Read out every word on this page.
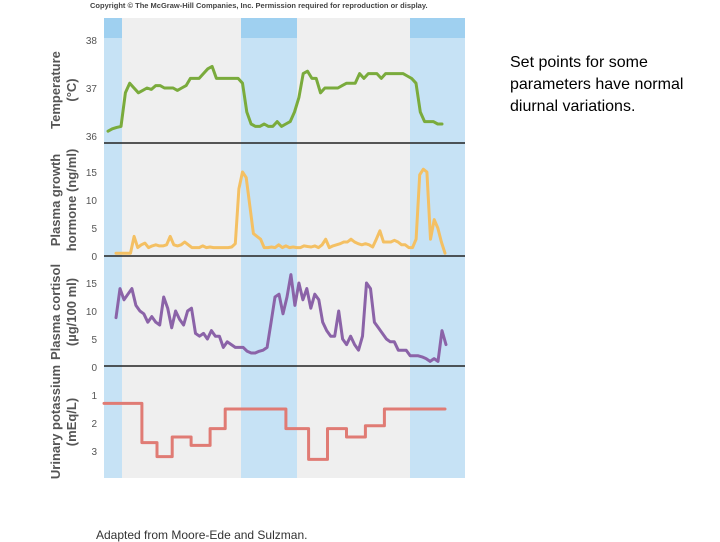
Copyright © The McGraw-Hill Companies, Inc. Permission required for reproduction or display.
36
37
38
0
5
10
15
0
5
10
15
1
2
3
Temperature (°C)
Plasma growth hormone (ng/ml)
Plasma cortisol (µg/100 ml)
Urinary potassium (mEq/L)
Set points for some parameters have normal diurnal variations.
Adapted from Moore-Ede and Sulzman.
